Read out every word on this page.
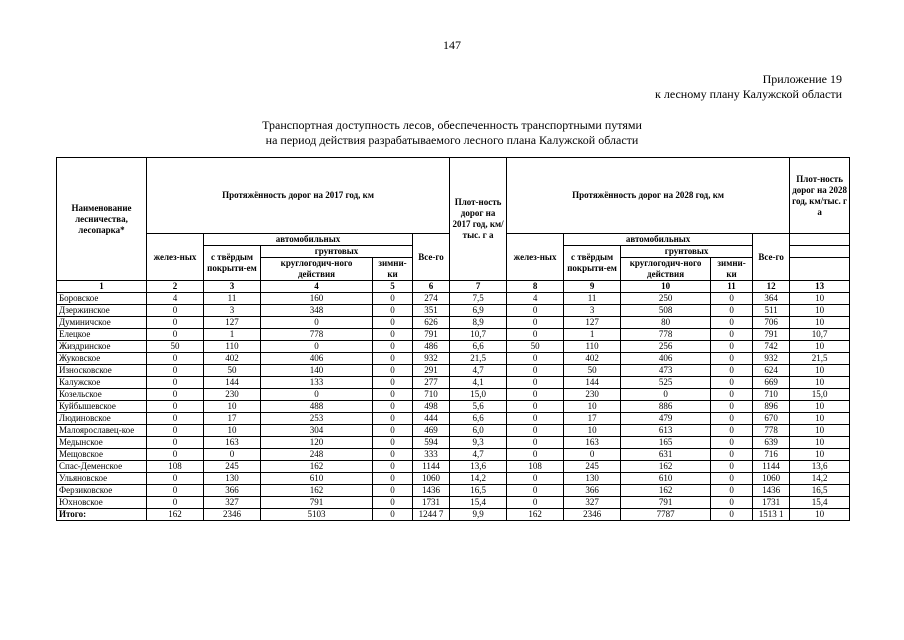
147
Приложение 19
к лесному плану Калужской области
Транспортная доступность лесов, обеспеченность транспортными путями
на период действия разрабатываемого лесного плана Калужской области
Наименование лесничества, лесопарка*	Протяжённость дорог на 2017 год, км					Плот-ность дорог на 2017 год, км/тыс. г а	Протяжённость дорог на 2028 год, км					Плот-ность дорог на 2028 год, км/тыс. г а
	желез-ных	автомобильных			Все-го		желез-ных	автомобильных			Все-го	
		с твёрдым покрыти-ем	грунтовых					с твёрдым покрыти-ем	грунтовых			
			круглогодич-ного действия	зимни-ки					круглогодич-ного действия	зимни-ки		
1	2	3	4	5	6	7	8	9	10	11	12	13
Боровское	4	11	160	0	274	7,5	4	11	250	0	364	10
Дзержинское	0	3	348	0	351	6,9	0	3	508	0	511	10
Думиничское	0	127	0	0	626	8,9	0	127	80	0	706	10
Елецкое	0	1	778	0	791	10,7	0	1	778	0	791	10,7
Жиздринское	50	110	0	0	486	6,6	50	110	256	0	742	10
Жуковское	0	402	406	0	932	21,5	0	402	406	0	932	21,5
Износковское	0	50	140	0	291	4,7	0	50	473	0	624	10
Калужское	0	144	133	0	277	4,1	0	144	525	0	669	10
Козельское	0	230	0	0	710	15,0	0	230	0	0	710	15,0
Куйбышевское	0	10	488	0	498	5,6	0	10	886	0	896	10
Людиновское	0	17	253	0	444	6,6	0	17	479	0	670	10
Малоярославец-кое	0	10	304	0	469	6,0	0	10	613	0	778	10
Медынское	0	163	120	0	594	9,3	0	163	165	0	639	10
Мещовское	0	0	248	0	333	4,7	0	0	631	0	716	10
Спас-Деменское	108	245	162	0	1144	13,6	108	245	162	0	1144	13,6
Ульяновское	0	130	610	0	1060	14,2	0	130	610	0	1060	14,2
Ферзиковское	0	366	162	0	1436	16,5	0	366	162	0	1436	16,5
Юхновское	0	327	791	0	1731	15,4	0	327	791	0	1731	15,4
Итого:	162	2346	5103	0	1244 7	9,9	162	2346	7787	0	1513 1	10
